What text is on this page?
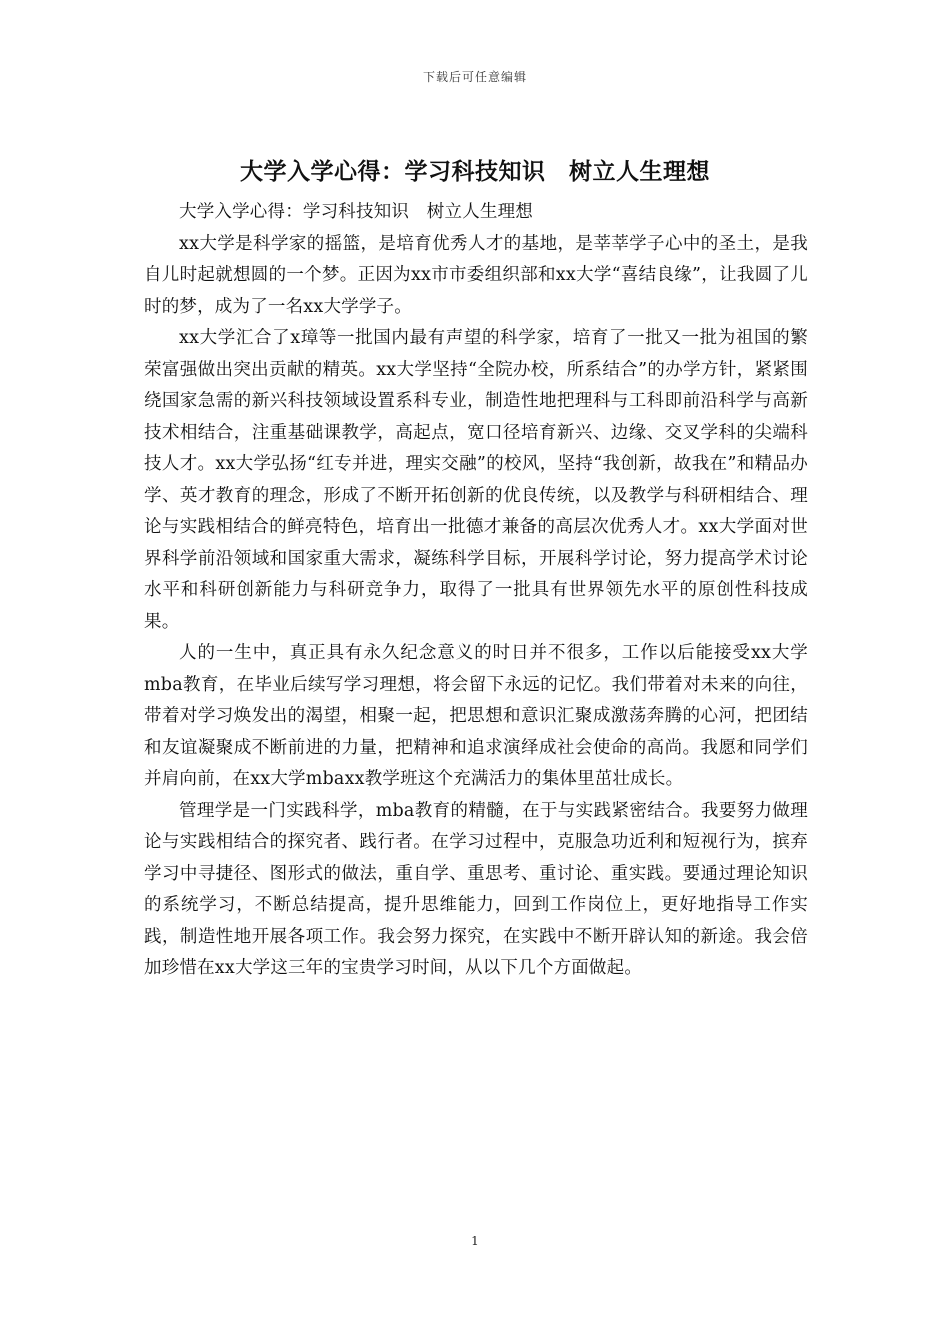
下载后可任意编辑
大学入学心得：学习科技知识　树立人生理想

大学入学心得：学习科技知识　树立人生理想

xx大学是科学家的摇篮，是培育优秀人才的基地，是莘莘学子心中的圣土，是我自儿时起就想圆的一个梦。正因为xx市市委组织部和xx大学“喜结良缘”，让我圆了儿时的梦，成为了一名xx大学学子。

xx大学汇合了x璋等一批国内最有声望的科学家，培育了一批又一批为祖国的繁荣富强做出突出贡献的精英。xx大学坚持“全院办校，所系结合”的办学方针，紧紧围绕国家急需的新兴科技领域设置系科专业，制造性地把理科与工科即前沿科学与高新技术相结合，注重基础课教学，高起点，宽口径培育新兴、边缘、交叉学科的尖端科技人才。xx大学弘扬“红专并进，理实交融”的校风，坚持“我创新，故我在”和精品办学、英才教育的理念，形成了不断开拓创新的优良传统，以及教学与科研相结合、理论与实践相结合的鲜亮特色，培育出一批德才兼备的高层次优秀人才。xx大学面对世界科学前沿领域和国家重大需求，凝练科学目标，开展科学讨论，努力提高学术讨论水平和科研创新能力与科研竞争力，取得了一批具有世界领先水平的原创性科技成果。

人的一生中，真正具有永久纪念意义的时日并不很多，工作以后能接受xx大学mba教育，在毕业后续写学习理想，将会留下永远的记忆。我们带着对未来的向往，带着对学习焕发出的渴望，相聚一起，把思想和意识汇聚成激荡奔腾的心河，把团结和友谊凝聚成不断前进的力量，把精神和追求演绎成社会使命的高尚。我愿和同学们并肩向前，在xx大学mbaxx教学班这个充满活力的集体里茁壮成长。

管理学是一门实践科学，mba教育的精髓，在于与实践紧密结合。我要努力做理论与实践相结合的探究者、践行者。在学习过程中，克服急功近利和短视行为，摈弃学习中寻捷径、图形式的做法，重自学、重思考、重讨论、重实践。要通过理论知识的系统学习，不断总结提高，提升思维能力，回到工作岗位上，更好地指导工作实践，制造性地开展各项工作。我会努力探究，在实践中不断开辟认知的新途。我会倍加珍惜在xx大学这三年的宝贵学习时间，从以下几个方面做起。

1
